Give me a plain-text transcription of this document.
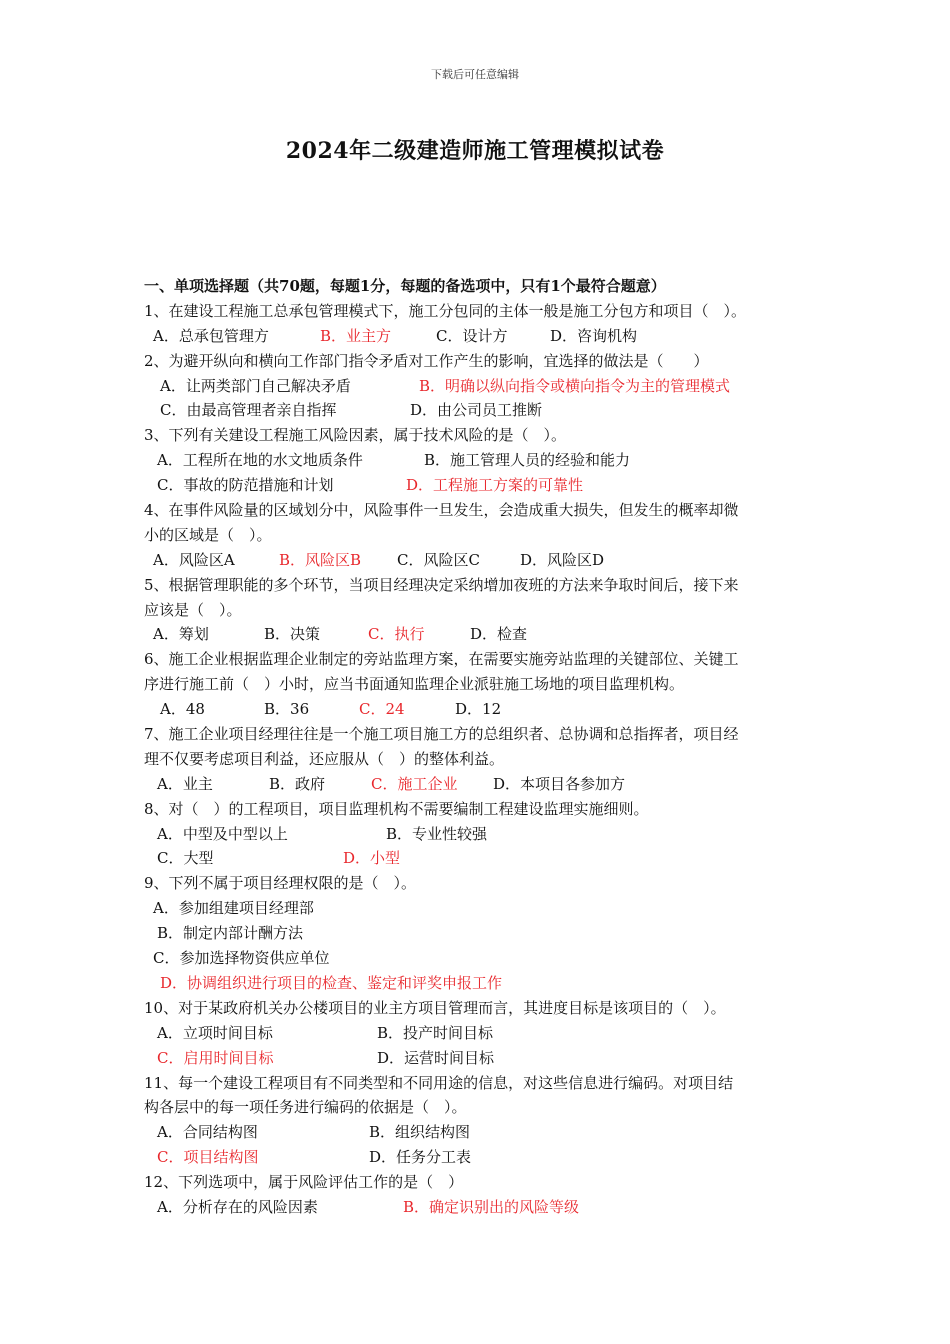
下载后可任意编辑
2024年二级建造师施工管理模拟试卷
一、单项选择题（共70题，每题1分，每题的备选项中，只有1个最符合题意）
1、在建设工程施工总承包管理模式下，施工分包同的主体一般是施工分包方和项目（　）。
A．总承包管理方	B．业主方	C．设计方	D．咨询机构
2、为避开纵向和横向工作部门指令矛盾对工作产生的影响，宜选择的做法是（　　）
A．让两类部门自己解决矛盾	B．明确以纵向指令或横向指令为主的管理模式
C．由最高管理者亲自指挥	D．由公司员工推断
3、下列有关建设工程施工风险因素，属于技术风险的是（　）。
A．工程所在地的水文地质条件	B．施工管理人员的经验和能力
C．事故的防范措施和计划	D．工程施工方案的可靠性
4、在事件风险量的区域划分中，风险事件一旦发生，会造成重大损失，但发生的概率却微
小的区域是（　）。
A．风险区A	B．风险区B	C．风险区C	D．风险区D
5、根据管理职能的多个环节，当项目经理决定采纳增加夜班的方法来争取时间后，接下来
应该是（　）。
A．筹划	B．决策	C．执行	D．检查
6、施工企业根据监理企业制定的旁站监理方案，在需要实施旁站监理的关键部位、关键工
序进行施工前（　）小时，应当书面通知监理企业派驻施工场地的项目监理机构。
A．48	B．36	C．24	D．12
7、施工企业项目经理往往是一个施工项目施工方的总组织者、总协调和总指挥者，项目经
理不仅要考虑项目利益，还应服从（　）的整体利益。
A．业主	B．政府	C．施工企业	D．本项目各参加方
8、对（　）的工程项目，项目监理机构不需要编制工程建设监理实施细则。
A．中型及中型以上	B．专业性较强
C．大型	D．小型
9、下列不属于项目经理权限的是（　）。
A．参加组建项目经理部
B．制定内部计酬方法
C．参加选择物资供应单位
D．协调组织进行项目的检查、鉴定和评奖申报工作
10、对于某政府机关办公楼项目的业主方项目管理而言，其进度目标是该项目的（　）。
A．立项时间目标	B．投产时间目标
C．启用时间目标	D．运营时间目标
11、每一个建设工程项目有不同类型和不同用途的信息，对这些信息进行编码。对项目结
构各层中的每一项任务进行编码的依据是（　）。
A．合同结构图	B．组织结构图
C．项目结构图	D．任务分工表
12、下列选项中，属于风险评估工作的是（　）
A．分析存在的风险因素	B．确定识别出的风险等级
